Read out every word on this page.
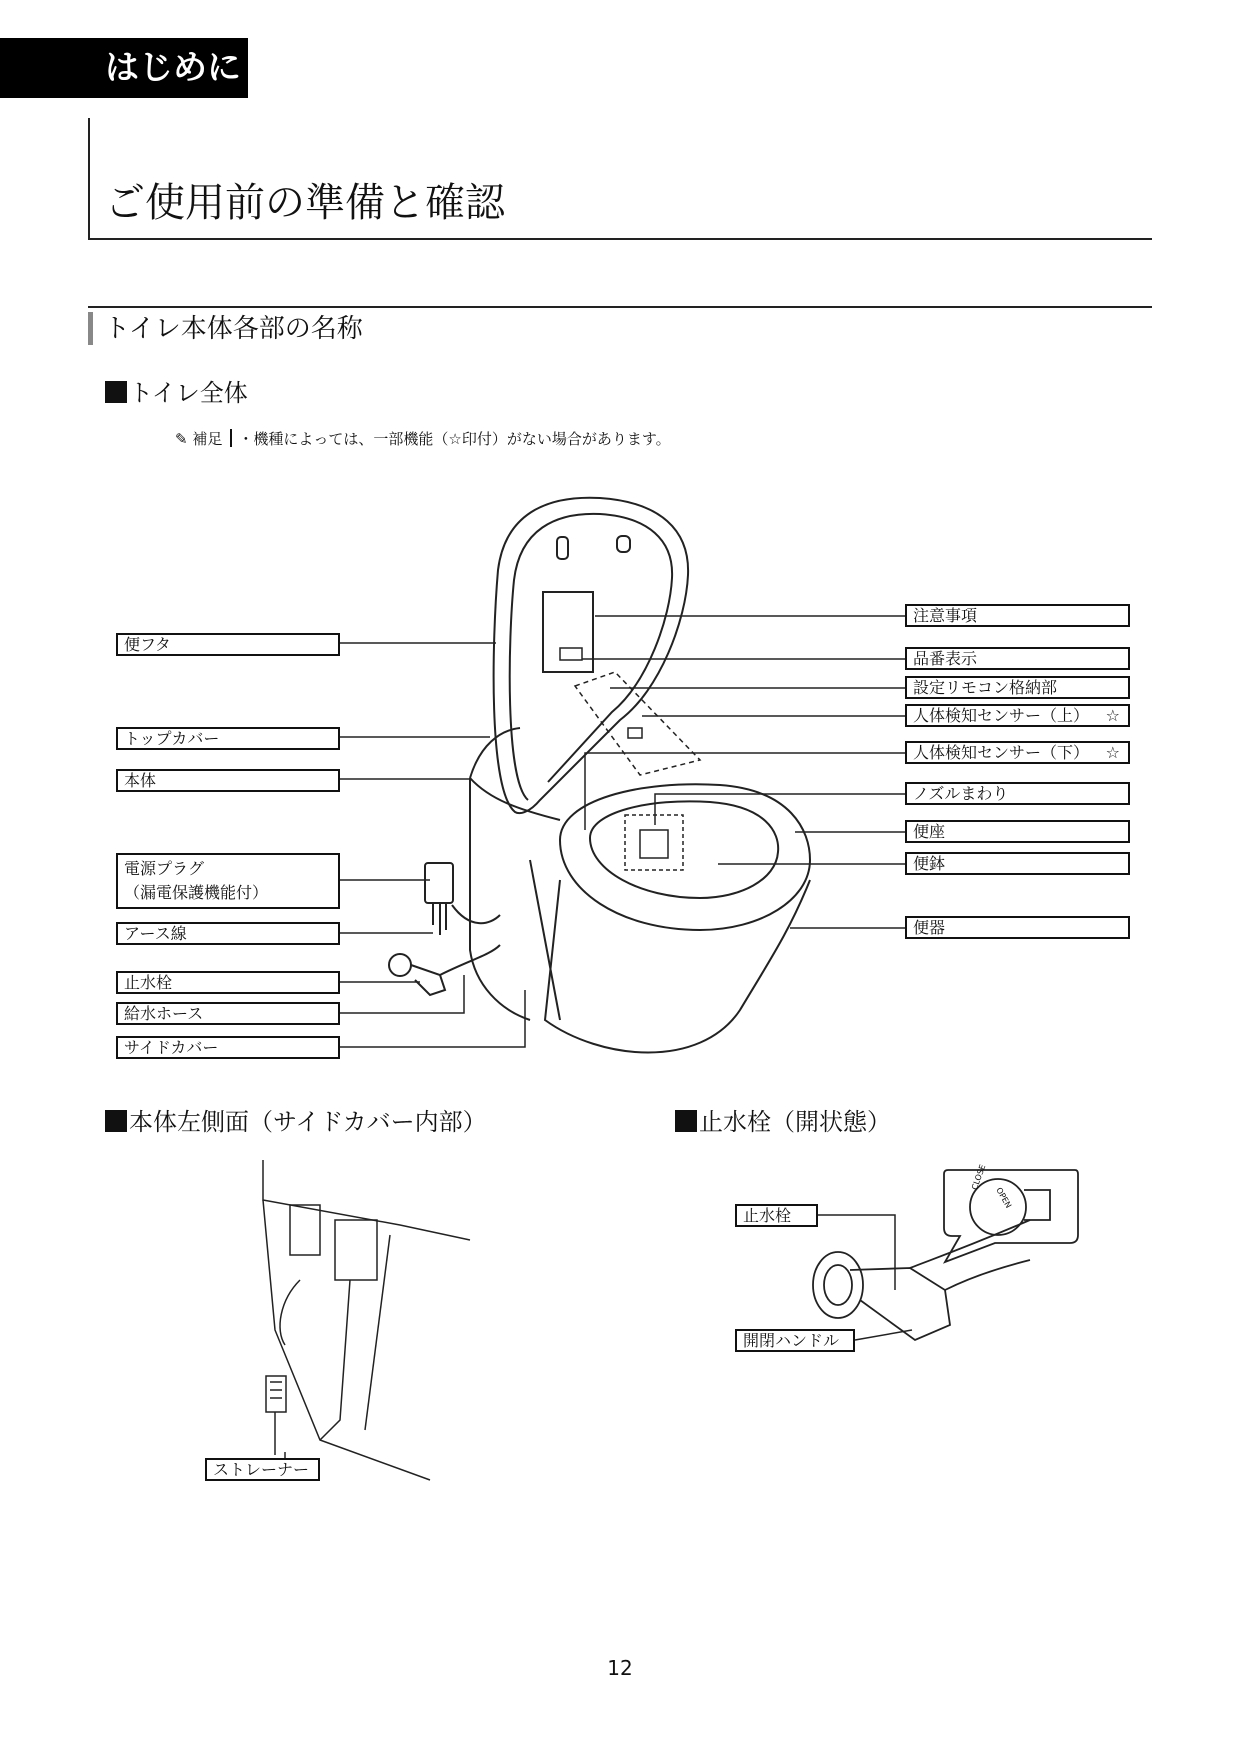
はじめに
ご使用前の準備と確認
トイレ本体各部の名称
トイレ全体
✎ 補足 ・機種によっては、一部機能（☆印付）がない場合があります。
便フタ
トップカバー
本体
電源プラグ
（漏電保護機能付）
アース線
止水栓
給水ホース
サイドカバー
注意事項
品番表示
設定リモコン格納部
人体検知センサー（上） ☆
人体検知センサー（下） ☆
ノズルまわり
便座
便鉢
便器
本体左側面（サイドカバー内部）	止水栓（開状態）
ストレーナー
止水栓
開閉ハンドル
CLOSE
OPEN
12
